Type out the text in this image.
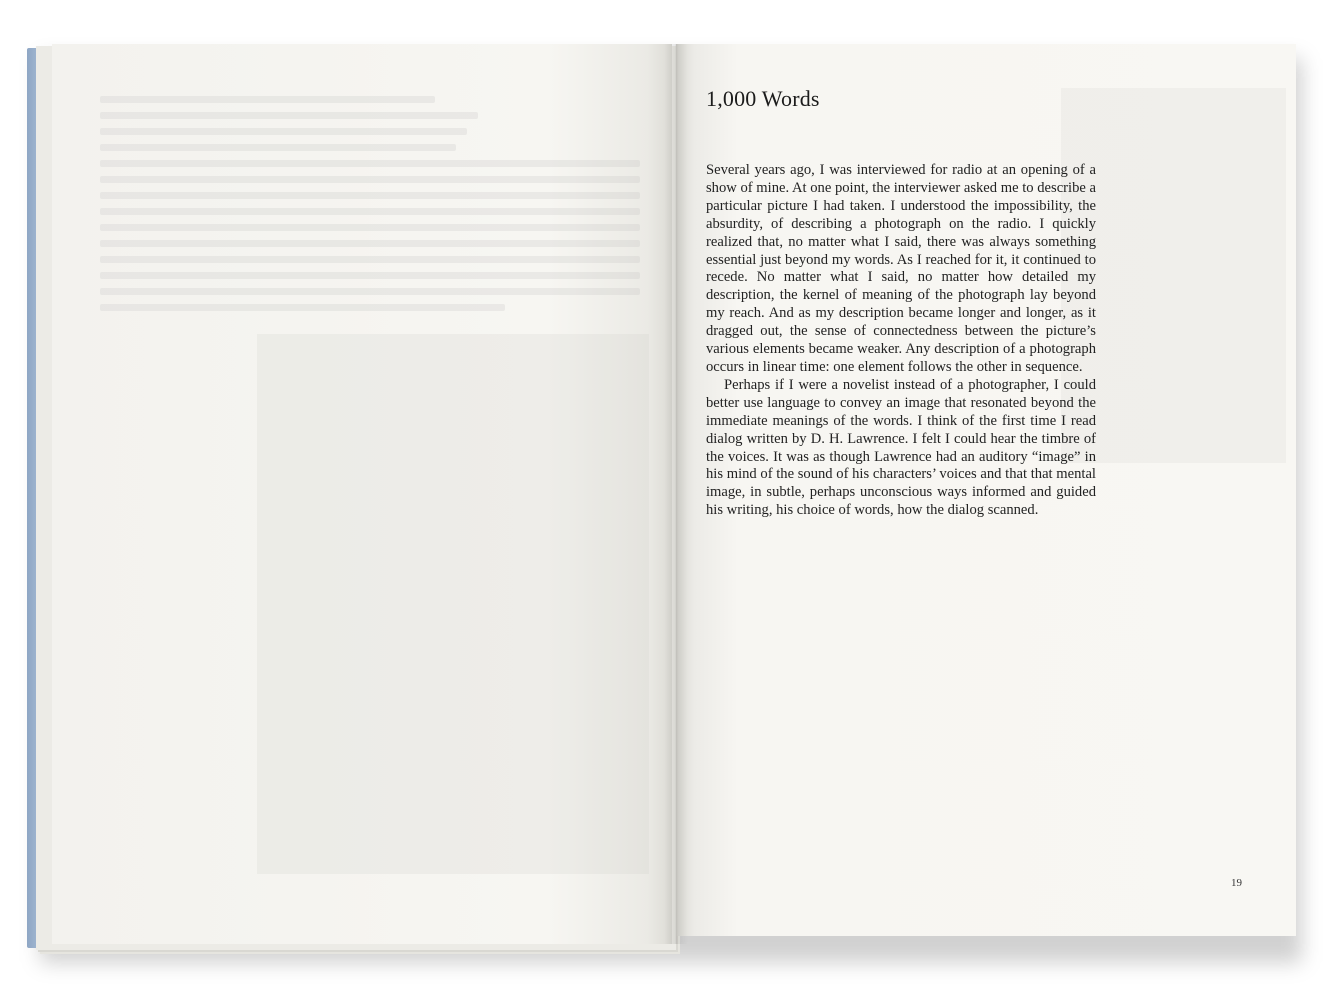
1,000 Words

Several years ago, I was interviewed for radio at an opening of a show of mine. At one point, the interviewer asked me to describe a particular picture I had taken. I understood the impossibility, the absurdity, of describing a photograph on the radio. I quickly realized that, no matter what I said, there was always something essential just beyond my words. As I reached for it, it continued to recede. No matter what I said, no matter how detailed my description, the kernel of meaning of the photograph lay beyond my reach. And as my description became longer and longer, as it dragged out, the sense of connectedness between the picture’s various elements became weaker. Any description of a photograph occurs in linear time: one element follows the other in sequence.

Perhaps if I were a novelist instead of a photographer, I could better use language to convey an image that resonated beyond the immediate meanings of the words. I think of the first time I read dialog written by D. H. Lawrence. I felt I could hear the timbre of the voices. It was as though Lawrence had an auditory “image” in his mind of the sound of his characters’ voices and that that mental image, in subtle, perhaps unconscious ways informed and guided his writing, his choice of words, how the dialog scanned.

19
